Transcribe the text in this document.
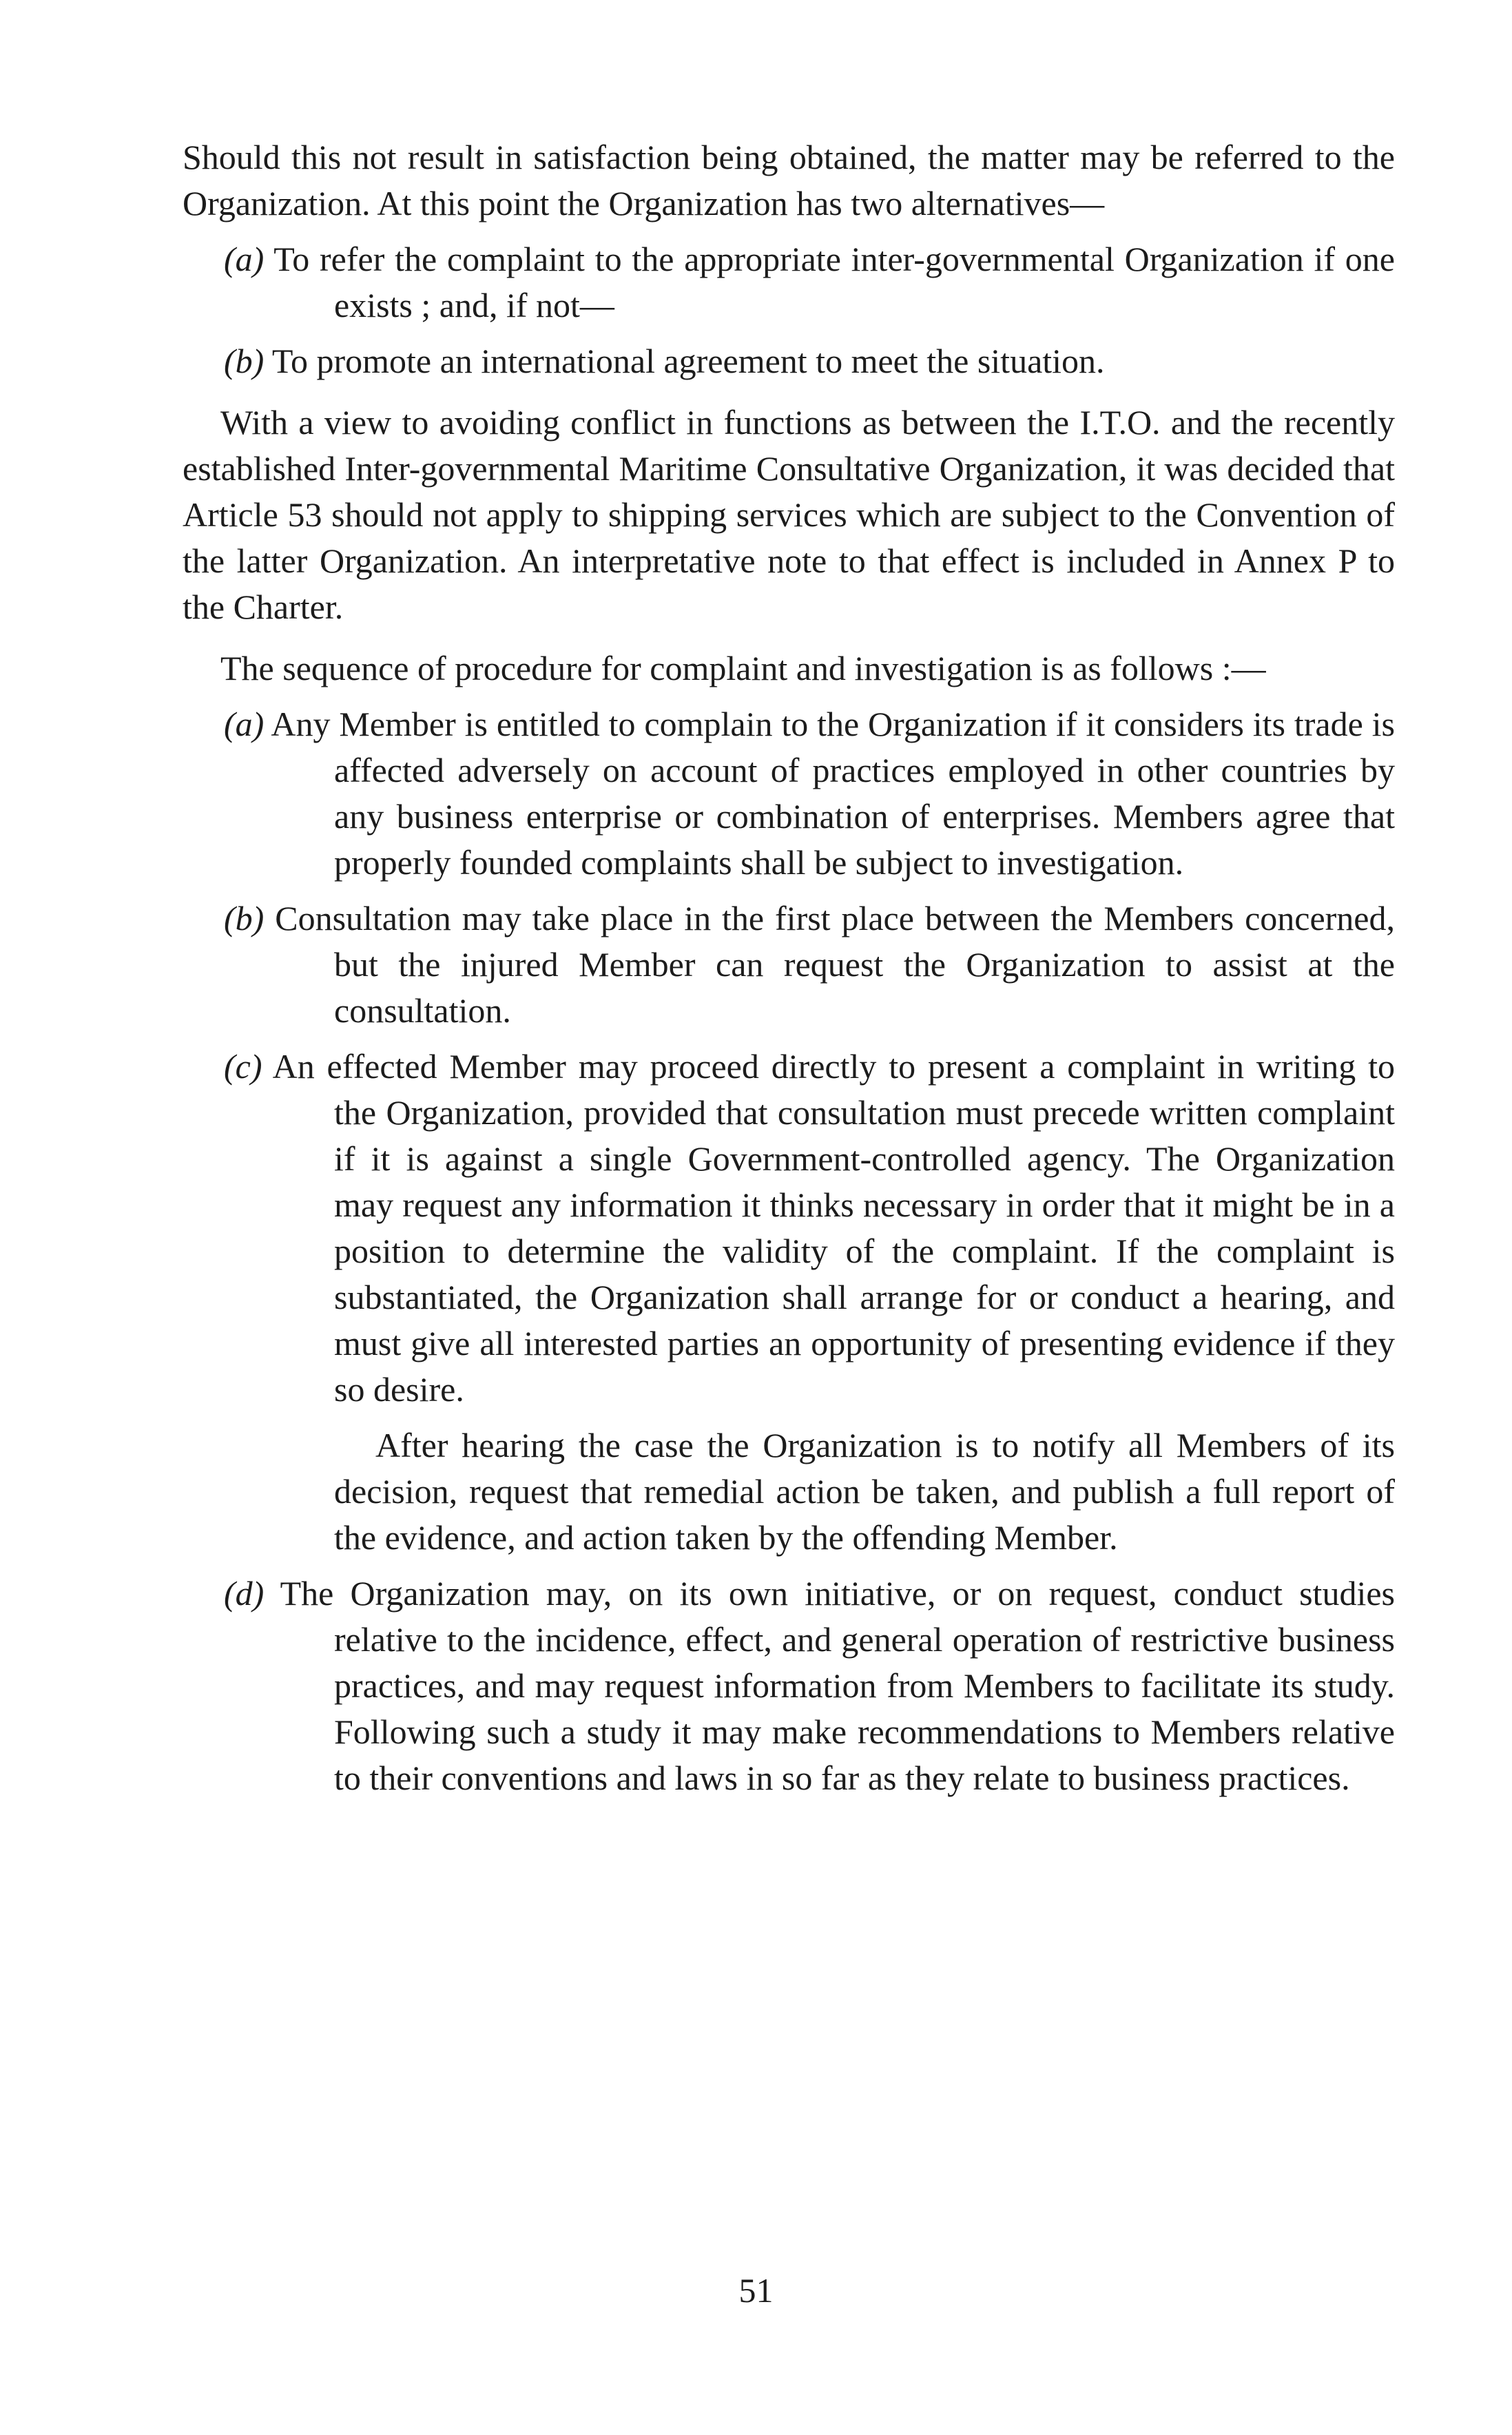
Should this not result in satisfaction being obtained, the matter may be referred to the Organization. At this point the Organization has two alternatives—

(a) To refer the complaint to the appropriate inter-governmental Organization if one exists ; and, if not—

(b) To promote an international agreement to meet the situation.

With a view to avoiding conflict in functions as between the I.T.O. and the recently established Inter-governmental Maritime Consultative Organization, it was decided that Article 53 should not apply to shipping services which are subject to the Convention of the latter Organization. An interpretative note to that effect is included in Annex P to the Charter.

The sequence of procedure for complaint and investigation is as follows :—

(a) Any Member is entitled to complain to the Organization if it considers its trade is affected adversely on account of practices employed in other countries by any business enterprise or combination of enterprises. Members agree that properly founded complaints shall be subject to investigation.

(b) Consultation may take place in the first place between the Members concerned, but the injured Member can request the Organization to assist at the consultation.

(c) An effected Member may proceed directly to present a complaint in writing to the Organization, provided that consultation must precede written complaint if it is against a single Government-controlled agency. The Organization may request any information it thinks necessary in order that it might be in a position to determine the validity of the complaint. If the complaint is substantiated, the Organization shall arrange for or conduct a hearing, and must give all interested parties an opportunity of presenting evidence if they so desire.

After hearing the case the Organization is to notify all Members of its decision, request that remedial action be taken, and publish a full report of the evidence, and action taken by the offending Member.

(d) The Organization may, on its own initiative, or on request, conduct studies relative to the incidence, effect, and general operation of restrictive business practices, and may request information from Members to facilitate its study. Following such a study it may make recommendations to Members relative to their conventions and laws in so far as they relate to business practices.

51
